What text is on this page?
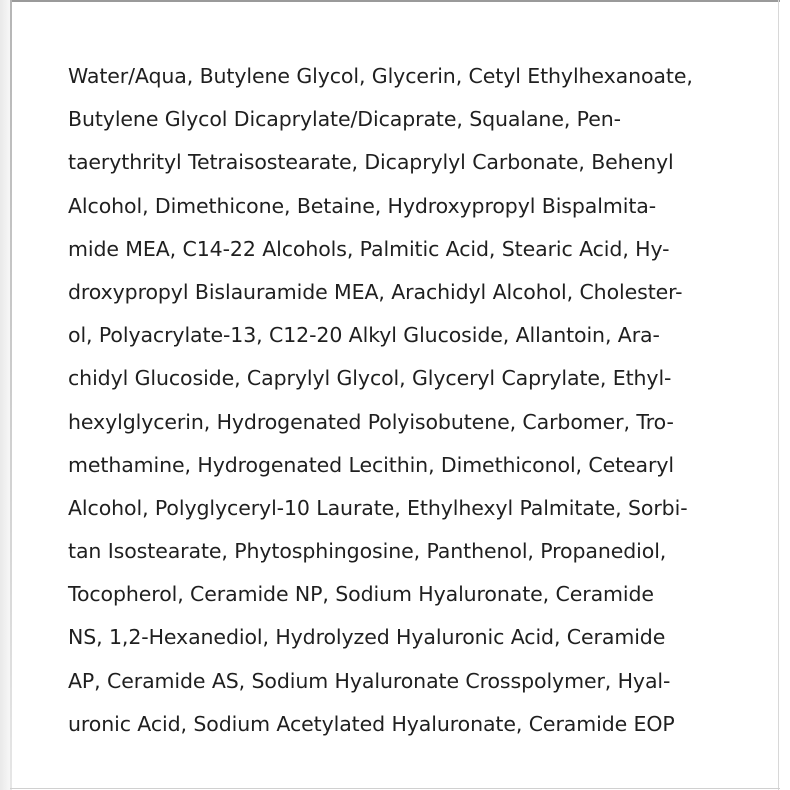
Water/Aqua, Butylene Glycol, Glycerin, Cetyl Ethylhexanoate,
Butylene Glycol Dicaprylate/Dicaprate, Squalane, Pen-
taerythrityl Tetraisostearate, Dicaprylyl Carbonate, Behenyl
Alcohol, Dimethicone, Betaine, Hydroxypropyl Bispalmita-
mide MEA, C14-22 Alcohols, Palmitic Acid, Stearic Acid, Hy-
droxypropyl Bislauramide MEA, Arachidyl Alcohol, Cholester-
ol, Polyacrylate-13, C12-20 Alkyl Glucoside, Allantoin, Ara-
chidyl Glucoside, Caprylyl Glycol, Glyceryl Caprylate, Ethyl-
hexylglycerin, Hydrogenated Polyisobutene, Carbomer, Tro-
methamine, Hydrogenated Lecithin, Dimethiconol, Cetearyl
Alcohol, Polyglyceryl-10 Laurate, Ethylhexyl Palmitate, Sorbi-
tan Isostearate, Phytosphingosine, Panthenol, Propanediol,
Tocopherol, Ceramide NP, Sodium Hyaluronate, Ceramide
NS, 1,2-Hexanediol, Hydrolyzed Hyaluronic Acid, Ceramide
AP, Ceramide AS, Sodium Hyaluronate Crosspolymer, Hyal-
uronic Acid, Sodium Acetylated Hyaluronate, Ceramide EOP
